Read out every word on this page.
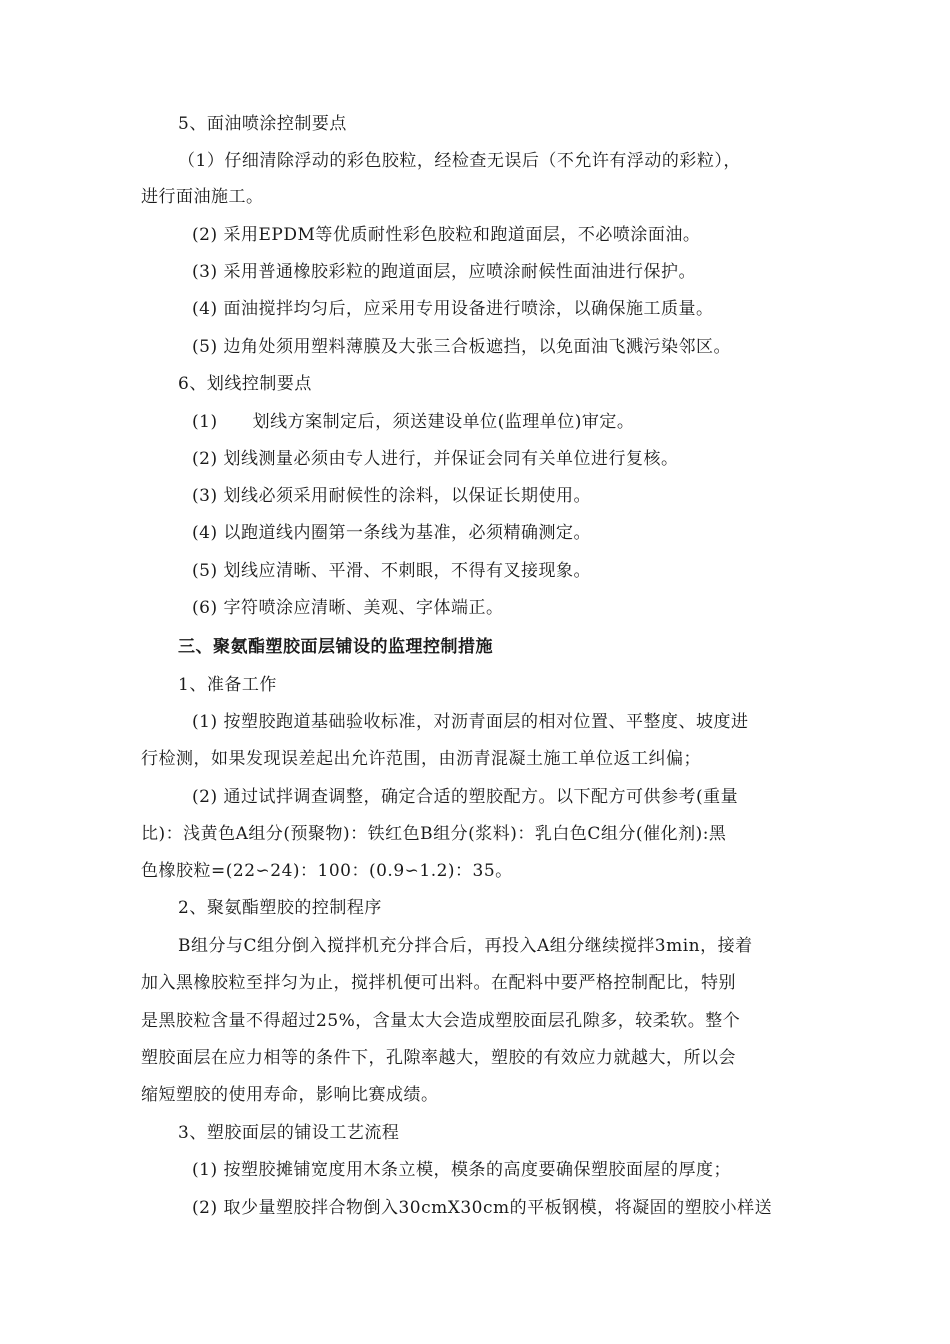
5、面油喷涂控制要点
（1）仔细清除浮动的彩色胶粒，经检查无误后（不允许有浮动的彩粒），
进行面油施工。
(2) 采用EPDM等优质耐性彩色胶粒和跑道面层，不必喷涂面油。
(3) 采用普通橡胶彩粒的跑道面层，应喷涂耐候性面油进行保护。
(4) 面油搅拌均匀后，应采用专用设备进行喷涂，以确保施工质量。
(5) 边角处须用塑料薄膜及大张三合板遮挡，以免面油飞溅污染邻区。
6、划线控制要点
(1)　　划线方案制定后，须送建设单位(监理单位)审定。
(2) 划线测量必须由专人进行，并保证会同有关单位进行复核。
(3) 划线必须采用耐候性的涂料，以保证长期使用。
(4) 以跑道线内圈第一条线为基准，必须精确测定。
(5) 划线应清晰、平滑、不刺眼，不得有叉接现象。
(6) 字符喷涂应清晰、美观、字体端正。
三、聚氨酯塑胶面层铺设的监理控制措施
1、准备工作
(1) 按塑胶跑道基础验收标准，对沥青面层的相对位置、平整度、坡度进
行检测，如果发现误差起出允许范围，由沥青混凝土施工单位返工纠偏；
(2) 通过试拌调查调整，确定合适的塑胶配方。以下配方可供参考(重量
比)：浅黄色A组分(预聚物)：铁红色B组分(浆料)：乳白色C组分(催化剂):黑
色橡胶粒=(22∽24)：100：(0.9∽1.2)：35。
2、聚氨酯塑胶的控制程序
B组分与C组分倒入搅拌机充分拌合后，再投入A组分继续搅拌3min，接着
加入黑橡胶粒至拌匀为止，搅拌机便可出料。在配料中要严格控制配比，特别
是黑胶粒含量不得超过25%，含量太大会造成塑胶面层孔隙多，较柔软。整个
塑胶面层在应力相等的条件下，孔隙率越大，塑胶的有效应力就越大，所以会
缩短塑胶的使用寿命，影响比赛成绩。
3、塑胶面层的铺设工艺流程
(1) 按塑胶摊铺宽度用木条立模，模条的高度要确保塑胶面屋的厚度；
(2) 取少量塑胶拌合物倒入30cmX30cm的平板钢模，将凝固的塑胶小样送
